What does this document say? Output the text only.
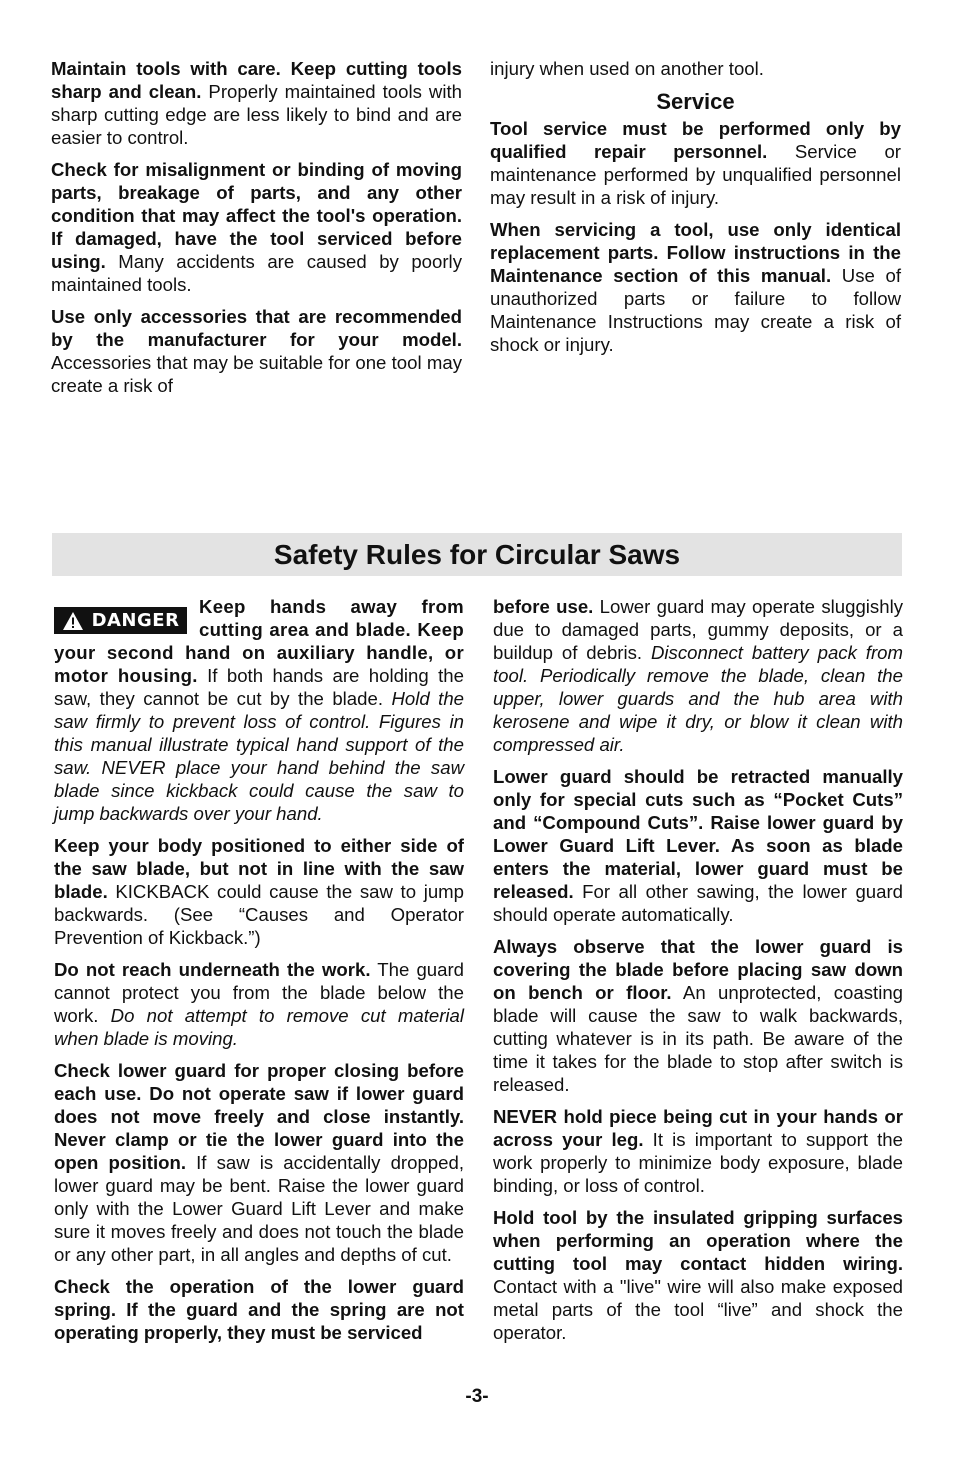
Maintain tools with care. Keep cutting tools sharp and clean. Properly maintained tools with sharp cutting edge are less likely to bind and are easier to control.

Check for misalignment or binding of moving parts, breakage of parts, and any other condition that may affect the tool's operation. If damaged, have the tool serviced before using. Many accidents are caused by poorly maintained tools.

Use only accessories that are recommended by the manufacturer for your model. Accessories that may be suitable for one tool may create a risk of

injury when used on another tool.

Service

Tool service must be performed only by qualified repair personnel. Service or maintenance performed by unqualified personnel may result in a risk of injury.

When servicing a tool, use only identical replacement parts. Follow instructions in the Maintenance section of this manual. Use of unauthorized parts or failure to follow Maintenance Instructions may create a risk of shock or injury.

Safety Rules for Circular Saws

DANGER
Keep hands away from cutting area and blade. Keep your second hand on auxiliary handle, or motor housing. If both hands are holding the saw, they cannot be cut by the blade. Hold the saw firmly to prevent loss of control. Figures in this manual illustrate typical hand support of the saw. NEVER place your hand behind the saw blade since kickback could cause the saw to jump backwards over your hand.

Keep your body positioned to either side of the saw blade, but not in line with the saw blade. KICKBACK could cause the saw to jump backwards. (See “Causes and Operator Prevention of Kickback.”)

Do not reach underneath the work. The guard cannot protect you from the blade below the work. Do not attempt to remove cut material when blade is moving.

Check lower guard for proper closing before each use. Do not operate saw if lower guard does not move freely and close instantly. Never clamp or tie the lower guard into the open position. If saw is accidentally dropped, lower guard may be bent. Raise the lower guard only with the Lower Guard Lift Lever and make sure it moves freely and does not touch the blade or any other part, in all angles and depths of cut.

Check the operation of the lower guard spring. If the guard and the spring are not operating properly, they must be serviced

before use. Lower guard may operate sluggishly due to damaged parts, gummy deposits, or a buildup of debris. Disconnect battery pack from tool. Periodically remove the blade, clean the upper, lower guards and the hub area with kerosene and wipe it dry, or blow it clean with compressed air.

Lower guard should be retracted manually only for special cuts such as “Pocket Cuts” and “Compound Cuts”. Raise lower guard by Lower Guard Lift Lever. As soon as blade enters the material, lower guard must be released. For all other sawing, the lower guard should operate automatically.

Always observe that the lower guard is covering the blade before placing saw down on bench or floor. An unprotected, coasting blade will cause the saw to walk backwards, cutting whatever is in its path. Be aware of the time it takes for the blade to stop after switch is released.

NEVER hold piece being cut in your hands or across your leg. It is important to support the work properly to minimize body exposure, blade binding, or loss of control.

Hold tool by the insulated gripping surfaces when performing an operation where the cutting tool may contact hidden wiring. Contact with a "live" wire will also make exposed metal parts of the tool “live” and shock the operator.

-3-
